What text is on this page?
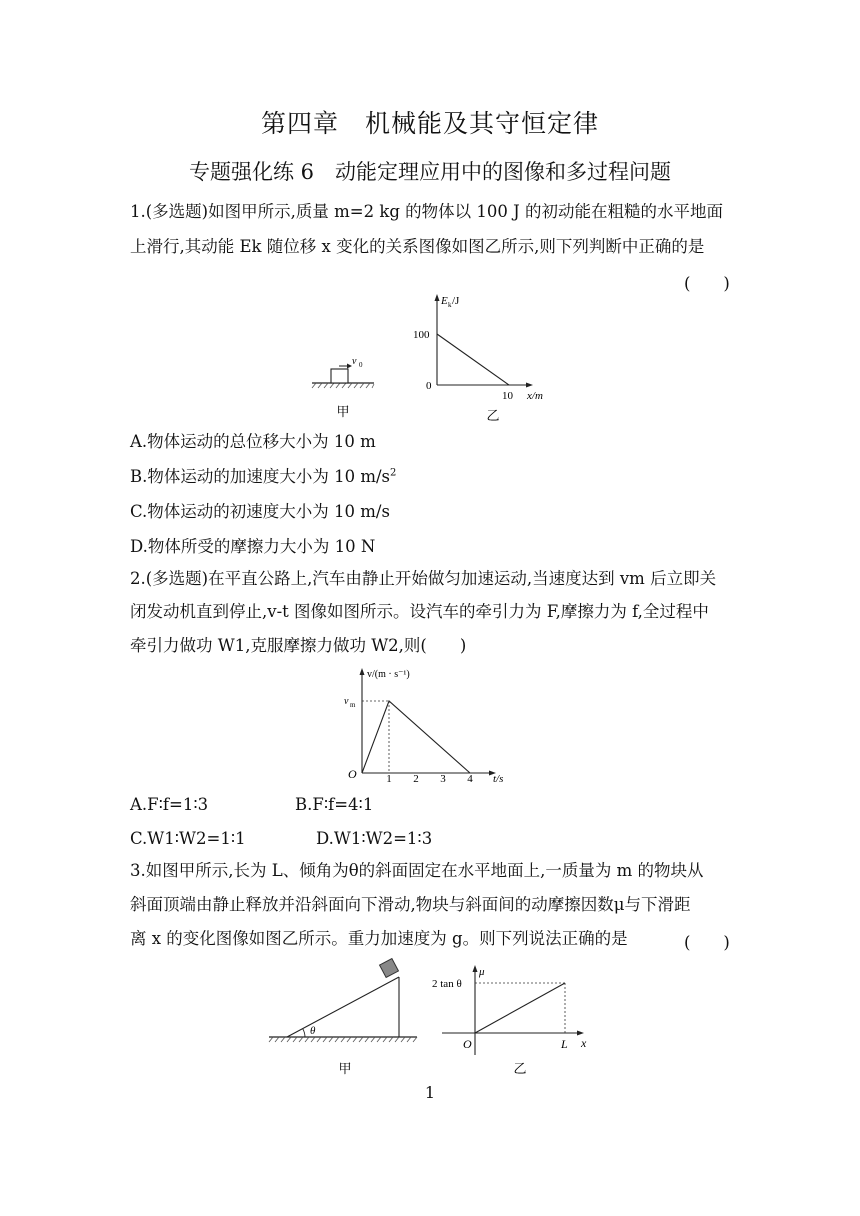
第四章　机械能及其守恒定律
专题强化练 6　动能定理应用中的图像和多过程问题
1.(多选题)如图甲所示,质量 m=2 kg 的物体以 100 J 的初动能在粗糙的水平地面
上滑行,其动能 Ek 随位移 x 变化的关系图像如图乙所示,则下列判断中正确的是
(　　)
v 0
甲
E k /J
100
0
10 x/m
乙
A.物体运动的总位移大小为 10 m
B.物体运动的加速度大小为 10 $m/s^2$
C.物体运动的初速度大小为 10 m/s
D.物体所受的摩擦力大小为 10 N
2.(多选题)在平直公路上,汽车由静止开始做匀加速运动,当速度达到 vm 后立即关
闭发动机直到停止,v-t 图像如图所示。设汽车的牵引力为 F,摩擦力为 f,全过程中
牵引力做功 W1,克服摩擦力做功 W2,则(　　)
v/(m · s⁻¹)
v m
O	1 2 3 4 t/s
A.F∶f=1∶3	B.F∶f=4∶1
C.W1∶W2=1∶1	D.W1∶W2=1∶3
3.如图甲所示,长为 L、倾角为θ的斜面固定在水平地面上,一质量为 m 的物块从
斜面顶端由静止释放并沿斜面向下滑动,物块与斜面间的动摩擦因数μ与下滑距
离 x 的变化图像如图乙所示。重力加速度为 g。则下列说法正确的是	(　　)
θ
甲
μ
2 tan θ
O	L x
乙
1
